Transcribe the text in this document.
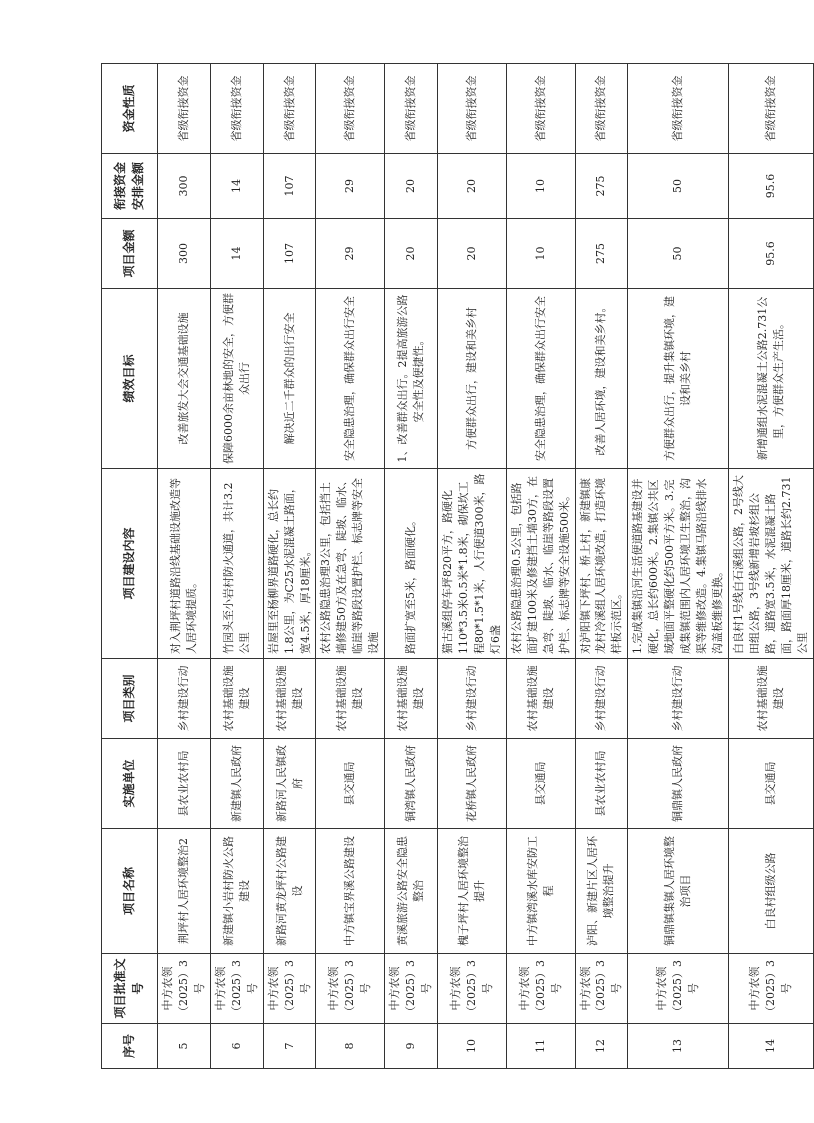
序号	项目批准文号	项目名称	实施单位	项目类别	项目建设内容	绩效目标	项目金额	衔接资金安排金额	资金性质
5	中方农领（2025）3号	荆坪村人居环境整治2	县农业农村局	乡村建设行动	对入荆坪村道路沿线基础设施改造等人居环境提质。	改善旅发大会交通基础设施	300	300	省级衔接资金
6	中方农领（2025）3号	新建镇小岩村防火公路建设	新建镇人民政府	农村基础设施建设	竹园头至小岩村防火通道，共计3.2公里	保障6000余亩林地的安全，方便群众出行	14	14	省级衔接资金
7	中方农领（2025）3号	新路河黄龙坪村公路建设	新路河人民镇政府	农村基础设施建设	岩屋里至杨柳界道路硬化，总长约1.8公里，为C25水泥混凝土路面，宽4.5米，厚18厘米。	解决近二千群众的出行安全	107	107	省级衔接资金
8	中方农领（2025）3号	中方镇宝界溪公路建设	县交通局	农村基础设施建设	农村公路隐患治理3公里，包括挡土墙修建50方及在急弯、陡坡、临水、临崖等路段设置护栏、标志牌等安全设施	安全隐患治理，确保群众出行安全	29	29	省级衔接资金
9	中方农领（2025）3号	黄溪旅游公路安全隐患整治	铜湾镇人民政府	农村基础设施建设	路面扩宽至5米，路面硬化。	1、改善群众出行。2提高旅游公路安全性及便捷性。	20	20	省级衔接资金
10	中方农领（2025）3号	槐子坪村人居环境整治提升	花桥镇人民政府	乡村建设行动	猫古溪组停车坪820平方，路硬化110*3.5米0.5米*1.8米，砌保坎工程80*1.5*1米，人行便道300米，路灯6盏	方便群众出行，建设和美乡村	20	20	省级衔接资金
11	中方农领（2025）3号	中方镇湾溪水库安防工程	县交通局	农村基础设施建设	农村公路隐患治理0.5公里，包括路面扩建100米及修建挡土墙30方，在急弯、陡坡、临水、临崖等路段设置护栏、标志牌等安全设施500米。	安全隐患治理，确保群众出行安全	10	10	省级衔接资金
12	中方农领（2025）3号	泸阳、新建片区人居环境整治提升	县农业农村局	乡村建设行动	对泸阳镇下坪村、桥上村，新建镇康龙村冷溪组人居环境改造，打造环境样板示范区。	改善人居环境，建设和美乡村。	275	275	省级衔接资金
13	中方农领（2025）3号	铜鼎镇集镇人居环境整治项目	铜鼎镇人民政府	乡村建设行动	1.完成集镇沿河生活便道路基建设并硬化，总长约600米。2.集镇公共区域地面平整硬化约500平方米。3.完成集镇范围内人居环境卫生整治，沟渠等维修改造。4.集镇马路沿线排水沟盖板维修更换。	方便群众出行，提升集镇环境，建设和美乡村	50	50	省级衔接资金
14	中方农领（2025）3号	白良村组级公路	县交通局	农村基础设施建设	白良村1号线白石溪组公路，2号线大田组公路，3号线新增岩坡杉组公路，道路宽3.5米，水泥混凝土路面，路面厚18厘米，道路长约2.731公里	新增通组水泥混凝土公路2.731公里，方便群众生产生活。	95.6	95.6	省级衔接资金
